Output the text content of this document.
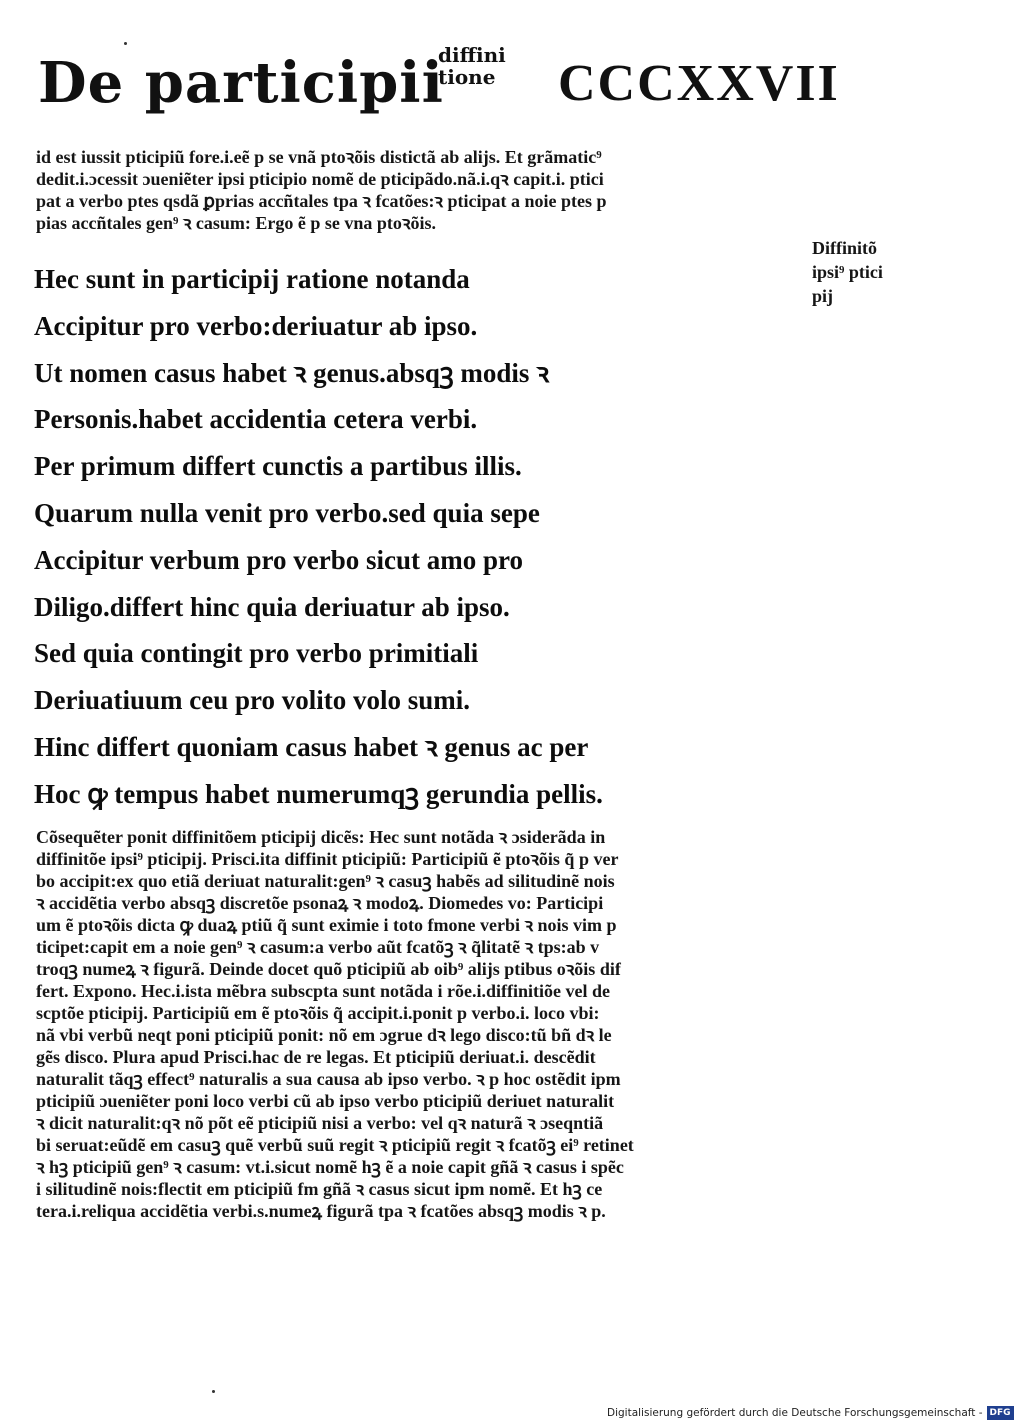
De participii
diffini
tione	CCCXXVII
id est iussit pticipiũ fore.i.eẽ p se vnã ptoꝛõis distictã ab alijs. Et grãmatic⁹
dedit.i.ɔcessit ɔueniẽter ipsi pticipio nomẽ de pticipãdo.nã.i.qꝛ capit.i. ptici
pat a verbo ptes qsdã ꝑprias accñtales tpa ꝛ fcatões:ꝛ pticipat a noie ptes p
pias accñtales gen⁹ ꝛ casum: Ergo ẽ p se vna ptoꝛõis.
Diffinitõ
ipsi⁹ ptici
pij
Hec sunt in participij ratione notanda
Accipitur pro verbo:deriuatur ab ipso.
Ut nomen casus habet ꝛ genus.absqꝫ modis ꝛ
Personis.habet accidentia cetera verbi.
Per primum differt cunctis a partibus illis.
Quarum nulla venit pro verbo.sed quia sepe
Accipitur verbum pro verbo sicut amo pro
Diligo.differt hinc quia deriuatur ab ipso.
Sed quia contingit pro verbo primitiali
Deriuatiuum ceu pro volito volo sumi.
Hinc differt quoniam casus habet ꝛ genus ac per
Hoc ꝙ tempus habet numerumqꝫ gerundia pellis.
Cõsequẽter ponit diffinitõem pticipij dicẽs: Hec sunt notãda ꝛ ɔsiderãda in
diffinitõe ipsi⁹ pticipij. Prisci.ita diffinit pticipiũ: Participiũ ẽ ptoꝛõis q̃ p ver
bo accipit:ex quo etiã deriuat naturalit:gen⁹ ꝛ casuꝫ habẽs ad silitudinẽ nois
ꝛ accidẽtia verbo absqꝫ discretõe psonaꝝ ꝛ modoꝝ. Diomedes vo: Participi
um ẽ ptoꝛõis dicta ꝙ duaꝝ ptiũ q̃ sunt eximie i toto fmone verbi ꝛ nois vim p
ticipet:capit em a noie gen⁹ ꝛ casum:a verbo aũt fcatõꝫ ꝛ q̃litatẽ ꝛ tps:ab v
troqꝫ numeꝝ ꝛ figurã. Deinde docet quõ pticipiũ ab oib⁹ alijs ptibus oꝛõis dif
fert. Expono. Hec.i.ista mẽbra subscpta sunt notãda i rõe.i.diffinitiõe vel de
scptõe pticipij. Participiũ em ẽ ptoꝛõis q̃ accipit.i.ponit p verbo.i. loco vbi:
nã vbi verbũ neqt poni pticipiũ ponit: nõ em ɔgrue dꝛ lego disco:tũ bñ dꝛ le
gẽs disco. Plura apud Prisci.hac de re legas. Et pticipiũ deriuat.i. descẽdit
naturalit tãqꝫ effect⁹ naturalis a sua causa ab ipso verbo. ꝛ p hoc ostẽdit ipm
pticipiũ ɔueniẽter poni loco verbi cũ ab ipso verbo pticipiũ deriuet naturalit
ꝛ dicit naturalit:qꝛ nõ põt eẽ pticipiũ nisi a verbo: vel qꝛ naturã ꝛ ɔseqntiã
bi seruat:eũdẽ em casuꝫ quẽ verbũ suũ regit ꝛ pticipiũ regit ꝛ fcatõꝫ ei⁹ retinet
ꝛ hꝫ pticipiũ gen⁹ ꝛ casum: vt.i.sicut nomẽ hꝫ ẽ a noie capit gñã ꝛ casus i spẽc
i silitudinẽ nois:flectit em pticipiũ fm gñã ꝛ casus sicut ipm nomẽ. Et hꝫ ce
tera.i.reliqua accidẽtia verbi.s.numeꝝ figurã tpa ꝛ fcatões absqꝫ modis ꝛ p.
Digitalisierung gefördert durch die Deutsche Forschungsgemeinschaft - DFG
